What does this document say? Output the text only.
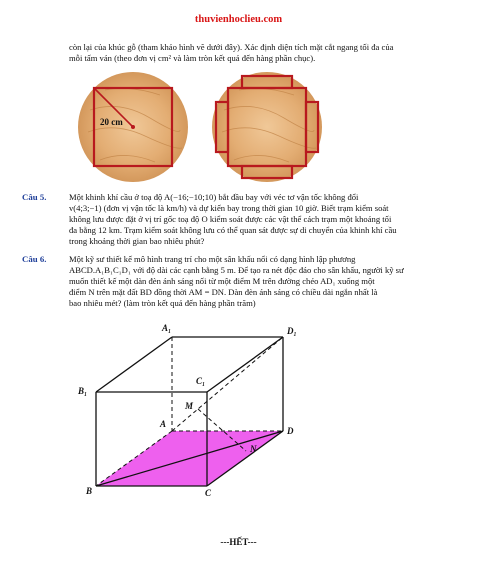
thuvienhoclieu.com
còn lại của khúc gỗ (tham khảo hình vẽ dưới đây). Xác định diện tích mặt cắt ngang tối đa của
mỗi tấm ván (theo đơn vị cm² và làm tròn kết quả đến hàng phần chục).
20 cm
Câu 5.	Một khinh khí cầu ở toạ độ A(−16;−10;10) bắt đầu bay với véc tơ vận tốc không đổi
v(4;3;−1) (đơn vị vận tốc là km/h) và dự kiến bay trong thời gian 10 giờ. Biết trạm kiểm soát
không lưu được đặt ở vị trí gốc toạ độ O kiểm soát được các vật thể cách trạm một khoảng tối
đa bằng 12 km. Trạm kiểm soát không lưu có thể quan sát được sự di chuyển của khinh khí cầu
trong khoảng thời gian bao nhiêu phút?
Câu 6.	Một kỹ sư thiết kế mô hình trang trí cho một sân khấu nổi có dạng hình lập phương
ABCD.A₁B₁C₁D₁ với độ dài các cạnh bằng 5 m. Để tạo ra nét độc đáo cho sân khấu, người kỹ sư
muốn thiết kế một dàn đèn ánh sáng nối từ một điểm M trên đường chéo AD₁ xuống một
điểm N trên mặt đất BD đồng thời AM = DN. Dàn đèn ánh sáng có chiều dài ngắn nhất là
bao nhiêu mét? (làm tròn kết quả đến hàng phần trăm)
A₁	D₁
C₁
B₁
A
M
D
N
B	C
---HẾT---
